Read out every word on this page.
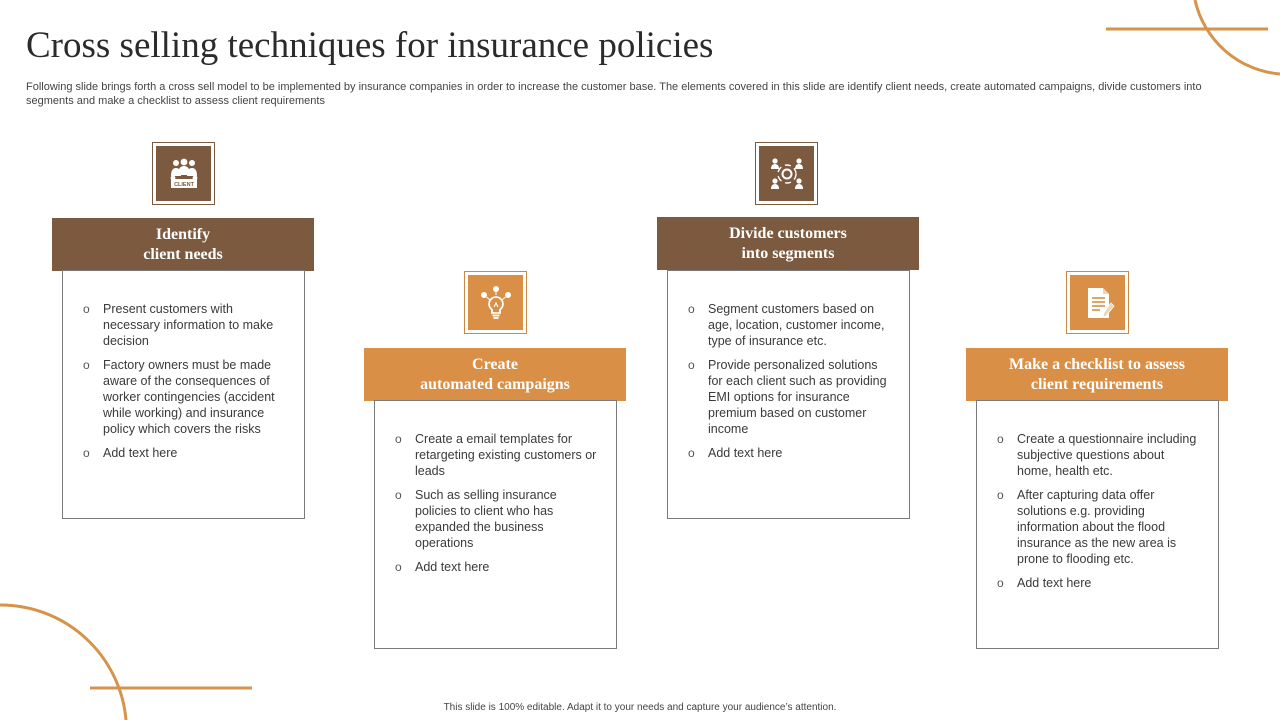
Cross selling techniques for insurance policies

Following slide brings forth a cross sell model to be implemented by insurance companies in order to increase the customer base. The elements covered in this slide are identify client needs, create automated campaigns, divide customers into segments and make a checklist to assess client requirements

CLIENT
Identify
client needs
o Present customers with necessary information to make decision
o Factory owners must be made aware of the consequences of worker contingencies (accident while working) and insurance policy which covers the risks
o Add text here
Create
automated campaigns
o Create a email templates for retargeting existing customers or leads
o Such as selling insurance policies to client who has expanded the business operations
o Add text here
Divide customers
into segments
o Segment customers based on age, location, customer income, type of insurance etc.
o Provide personalized solutions for each client such as providing EMI options for insurance premium based on customer income
o Add text here
Make a checklist to assess
client requirements
o Create a questionnaire including subjective questions about home, health etc.
o After capturing data offer solutions e.g. providing information about the flood insurance as the new area is prone to flooding etc.
o Add text here

This slide is 100% editable. Adapt it to your needs and capture your audience’s attention.
